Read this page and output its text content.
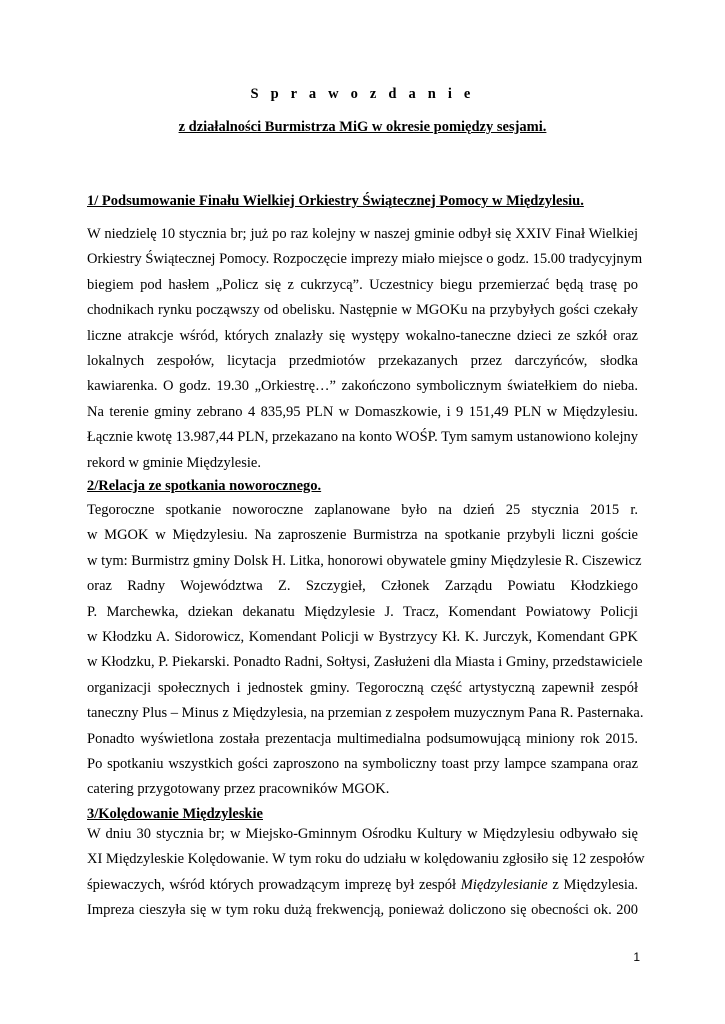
S p r a w o z d a n i e
z działalności Burmistrza MiG w okresie pomiędzy sesjami.
1/ Podsumowanie Finału Wielkiej Orkiestry Świątecznej Pomocy w Międzylesiu.

W niedzielę 10 stycznia br; już po raz kolejny w naszej gminie odbył się XXIV Finał Wielkiej
Orkiestry Świątecznej Pomocy. Rozpoczęcie imprezy miało miejsce o godz. 15.00 tradycyjnym
biegiem pod hasłem „Policz się z cukrzycą”. Uczestnicy biegu przemierzać będą trasę po
chodnikach rynku począwszy od obelisku. Następnie w MGOKu na przybyłych gości czekały
liczne atrakcje wśród, których znalazły się występy wokalno-taneczne dzieci ze szkół oraz
lokalnych zespołów, licytacja przedmiotów przekazanych przez darczyńców, słodka
kawiarenka. O godz. 19.30 „Orkiestrę…” zakończono symbolicznym światełkiem do nieba.
Na terenie gminy zebrano 4 835,95 PLN w Domaszkowie, i 9 151,49 PLN w Międzylesiu.
Łącznie kwotę 13.987,44 PLN, przekazano na konto WOŚP. Tym samym ustanowiono kolejny
rekord w gminie Międzylesie.

2/Relacja ze spotkania noworocznego.

Tegoroczne spotkanie noworoczne zaplanowane było na dzień 25 stycznia 2015 r.
w MGOK w Międzylesiu. Na zaproszenie Burmistrza na spotkanie przybyli liczni goście
w tym: Burmistrz gminy Dolsk H. Litka, honorowi obywatele gminy Międzylesie R. Ciszewicz
oraz Radny Województwa Z. Szczygieł, Członek Zarządu Powiatu Kłodzkiego
P. Marchewka, dziekan dekanatu Międzylesie J. Tracz, Komendant Powiatowy Policji
w Kłodzku A. Sidorowicz, Komendant Policji w Bystrzycy Kł. K. Jurczyk, Komendant GPK
w Kłodzku, P. Piekarski. Ponadto Radni, Sołtysi, Zasłużeni dla Miasta i Gminy, przedstawiciele
organizacji społecznych i jednostek gminy. Tegoroczną część artystyczną zapewnił zespół
taneczny Plus – Minus z Międzylesia, na przemian z zespołem muzycznym Pana R. Pasternaka.
Ponadto wyświetlona została prezentacja multimedialna podsumowującą miniony rok 2015.
Po spotkaniu wszystkich gości zaproszono na symboliczny toast przy lampce szampana oraz
catering przygotowany przez pracowników MGOK.

3/Kolędowanie Międzyleskie

W dniu 30 stycznia br; w Miejsko-Gminnym Ośrodku Kultury w Międzylesiu odbywało się
XI Międzyleskie Kolędowanie. W tym roku do udziału w kolędowaniu zgłosiło się 12 zespołów
śpiewaczych, wśród których prowadzącym imprezę był zespół Międzylesianie z Międzylesia.
Impreza cieszyła się w tym roku dużą frekwencją, ponieważ doliczono się obecności ok. 200

1
